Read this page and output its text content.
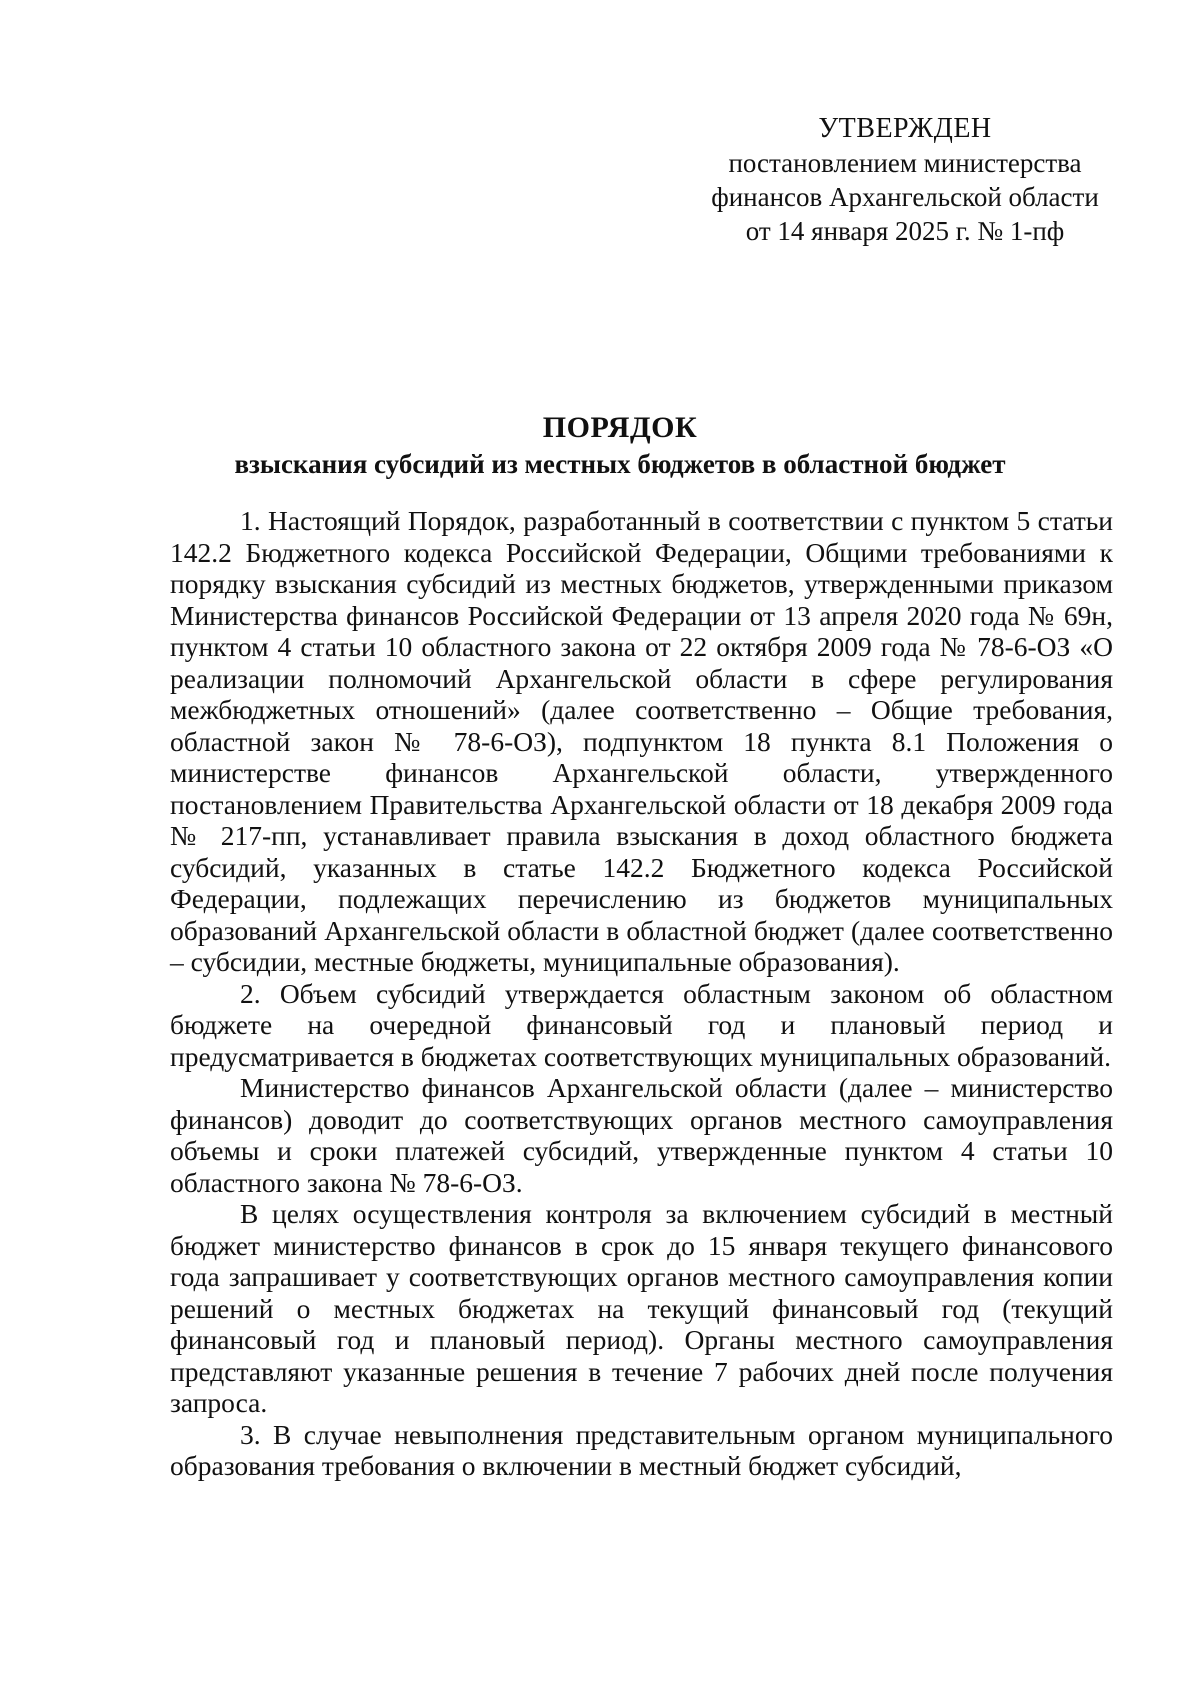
УТВЕРЖДЕН
постановлением министерства
финансов Архангельской области
от 14 января 2025 г. № 1-пф
ПОРЯДОК
взыскания субсидий из местных бюджетов в областной бюджет

1. Настоящий Порядок, разработанный в соответствии с пунктом 5 статьи 142.2 Бюджетного кодекса Российской Федерации, Общими требованиями к порядку взыскания субсидий из местных бюджетов, утвержденными приказом Министерства финансов Российской Федерации от 13 апреля 2020 года № 69н, пунктом 4 статьи 10 областного закона от 22 октября 2009 года № 78-6-ОЗ «О реализации полномочий Архангельской области в сфере регулирования межбюджетных отношений» (далее соответственно – Общие требования, областной закон № 78-6-ОЗ), подпунктом 18 пункта 8.1 Положения о министерстве финансов Архангельской области, утвержденного постановлением Правительства Архангельской области от 18 декабря 2009 года № 217-пп, устанавливает правила взыскания в доход областного бюджета субсидий, указанных в статье 142.2 Бюджетного кодекса Российской Федерации, подлежащих перечислению из бюджетов муниципальных образований Архангельской области в областной бюджет (далее соответственно – субсидии, местные бюджеты, муниципальные образования).

2. Объем субсидий утверждается областным законом об областном бюджете на очередной финансовый год и плановый период и предусматривается в бюджетах соответствующих муниципальных образований.

Министерство финансов Архангельской области (далее – министерство финансов) доводит до соответствующих органов местного самоуправления объемы и сроки платежей субсидий, утвержденные пунктом 4 статьи 10 областного закона № 78-6-ОЗ.

В целях осуществления контроля за включением субсидий в местный бюджет министерство финансов в срок до 15 января текущего финансового года запрашивает у соответствующих органов местного самоуправления копии решений о местных бюджетах на текущий финансовый год (текущий финансовый год и плановый период). Органы местного самоуправления представляют указанные решения в течение 7 рабочих дней после получения запроса.

3. В случае невыполнения представительным органом муниципального образования требования о включении в местный бюджет субсидий,
